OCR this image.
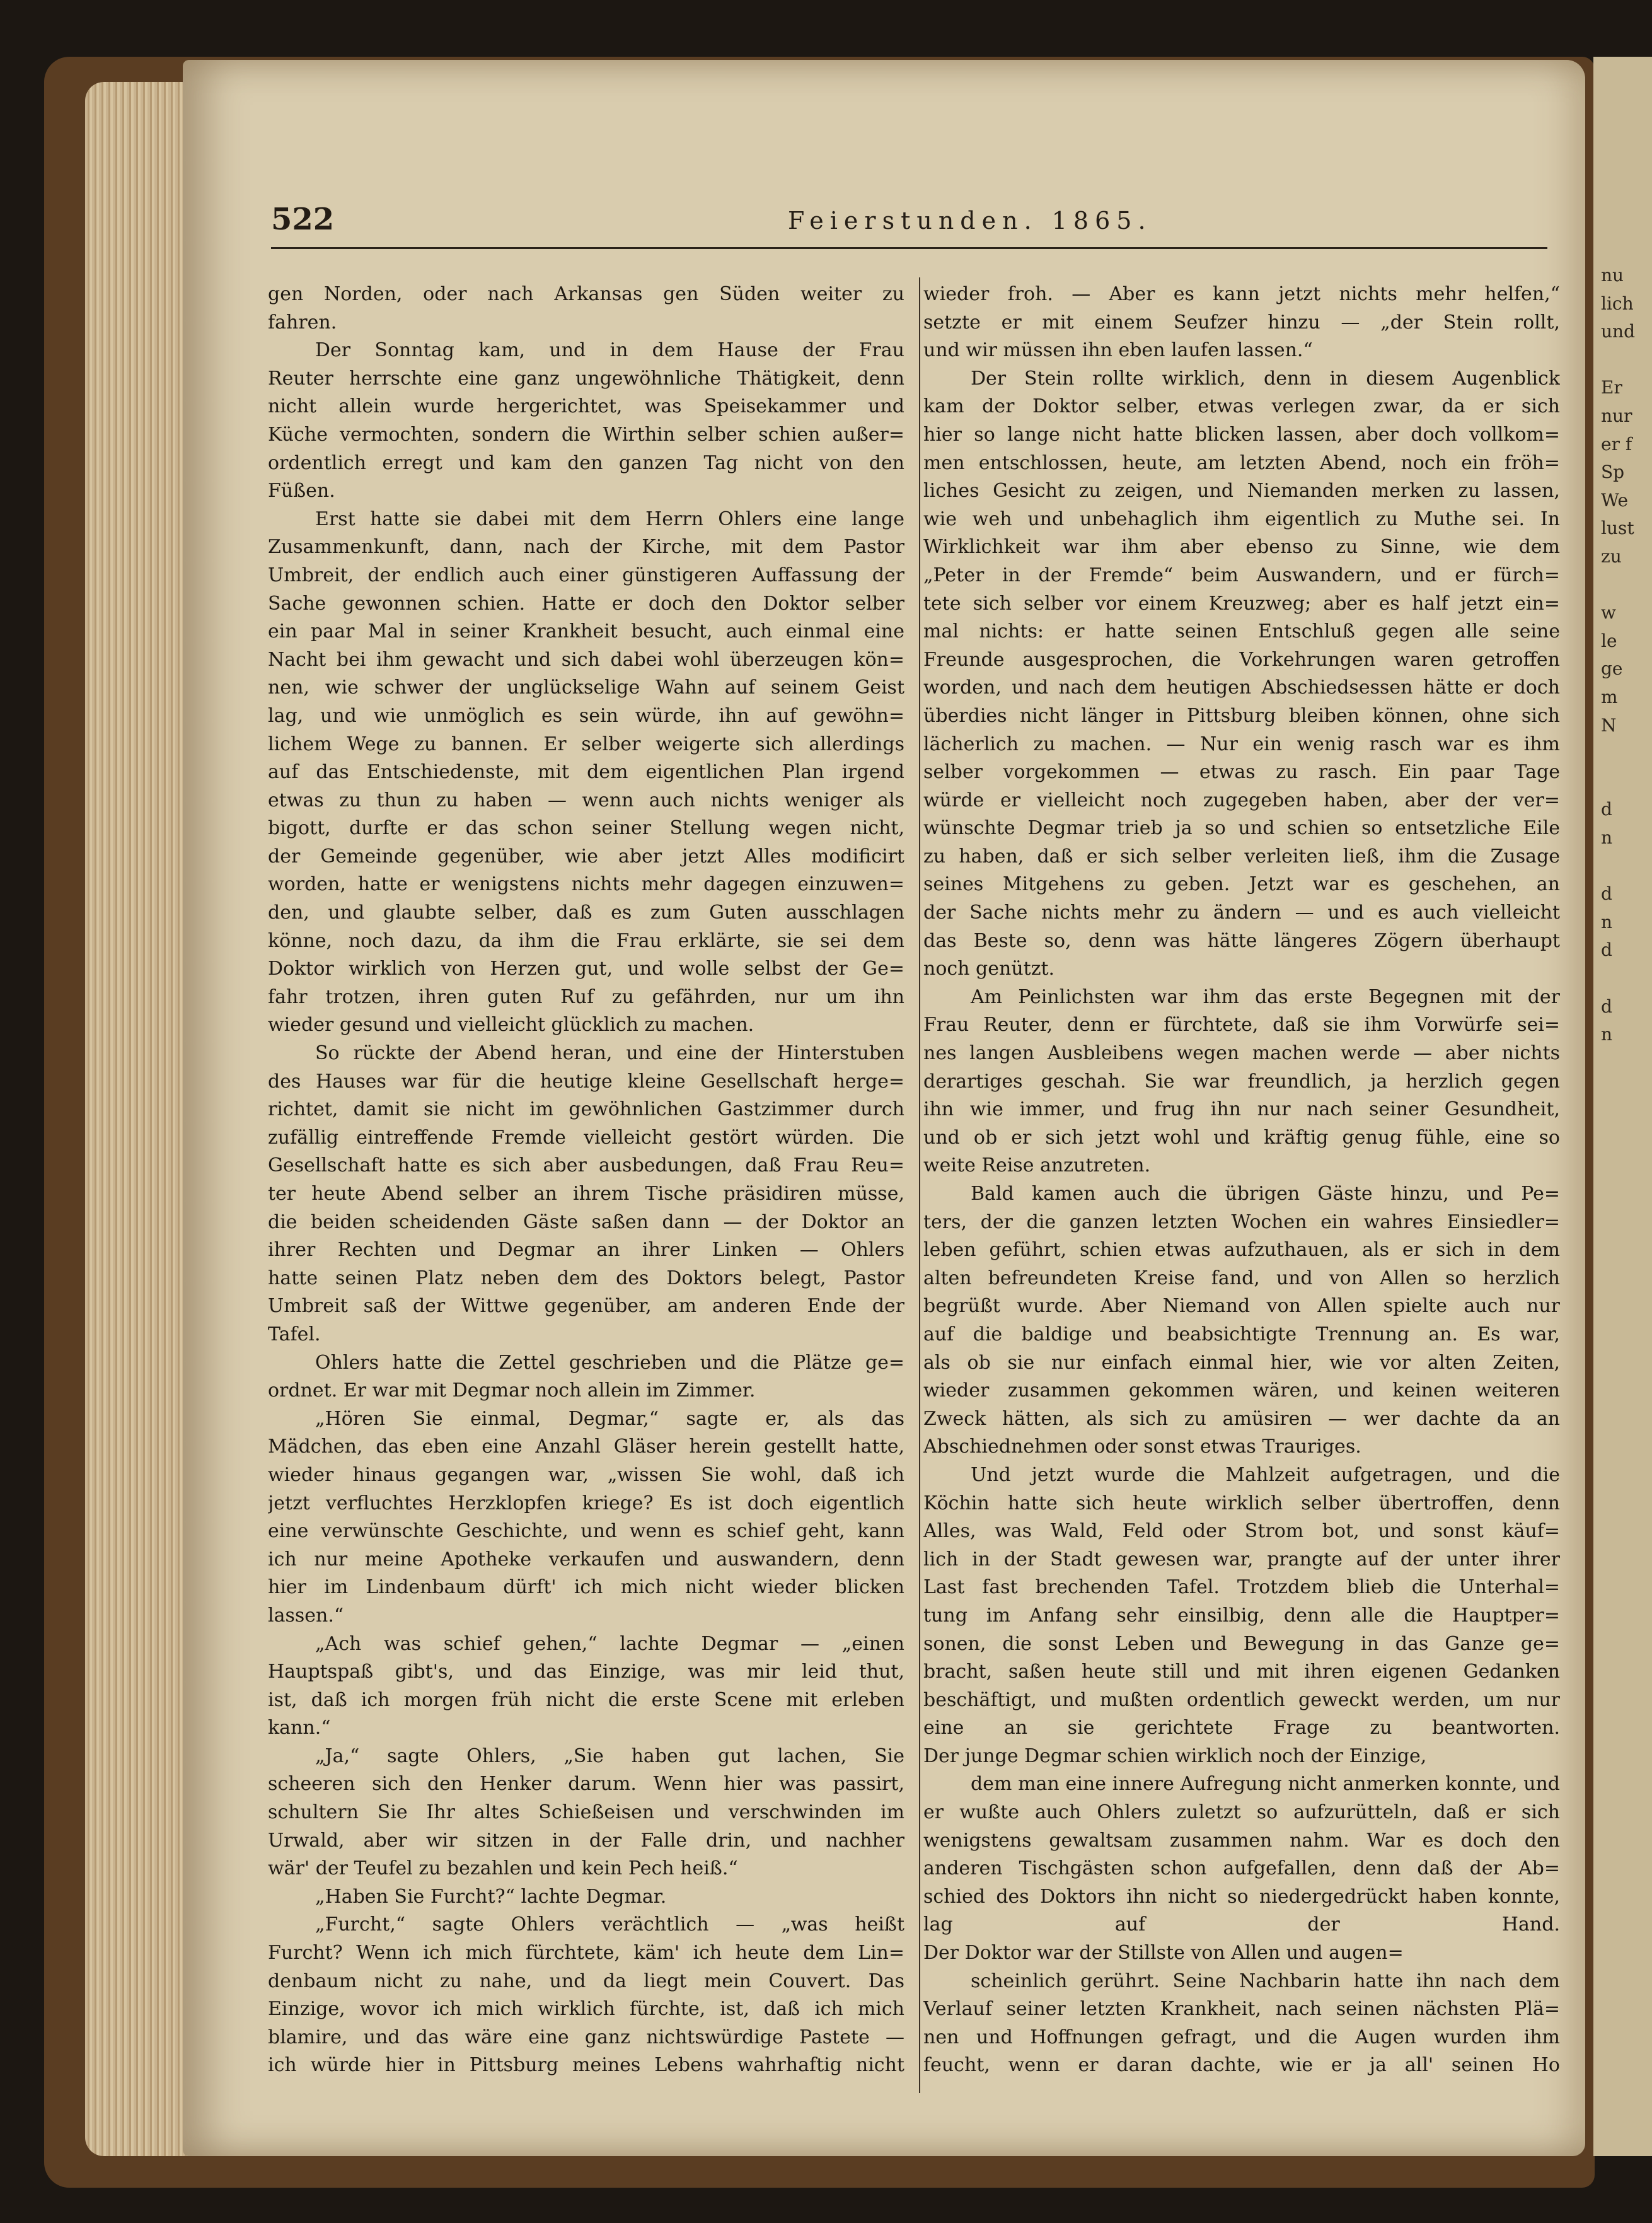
522	Feierstunden. 1865.
gen Norden, oder nach Arkansas gen Süden weiter zu
fahren.
Der Sonntag kam, und in dem Hause der Frau
Reuter herrschte eine ganz ungewöhnliche Thätigkeit, denn
nicht allein wurde hergerichtet, was Speisekammer und
Küche vermochten, sondern die Wirthin selber schien außer=
ordentlich erregt und kam den ganzen Tag nicht von den
Füßen.
Erst hatte sie dabei mit dem Herrn Ohlers eine lange
Zusammenkunft, dann, nach der Kirche, mit dem Pastor
Umbreit, der endlich auch einer günstigeren Auffassung der
Sache gewonnen schien. Hatte er doch den Doktor selber
ein paar Mal in seiner Krankheit besucht, auch einmal eine
Nacht bei ihm gewacht und sich dabei wohl überzeugen kön=
nen, wie schwer der unglückselige Wahn auf seinem Geist
lag, und wie unmöglich es sein würde, ihn auf gewöhn=
lichem Wege zu bannen. Er selber weigerte sich allerdings
auf das Entschiedenste, mit dem eigentlichen Plan irgend
etwas zu thun zu haben — wenn auch nichts weniger als
bigott, durfte er das schon seiner Stellung wegen nicht,
der Gemeinde gegenüber, wie aber jetzt Alles modificirt
worden, hatte er wenigstens nichts mehr dagegen einzuwen=
den, und glaubte selber, daß es zum Guten ausschlagen
könne, noch dazu, da ihm die Frau erklärte, sie sei dem
Doktor wirklich von Herzen gut, und wolle selbst der Ge=
fahr trotzen, ihren guten Ruf zu gefährden, nur um ihn
wieder gesund und vielleicht glücklich zu machen.
So rückte der Abend heran, und eine der Hinterstuben
des Hauses war für die heutige kleine Gesellschaft herge=
richtet, damit sie nicht im gewöhnlichen Gastzimmer durch
zufällig eintreffende Fremde vielleicht gestört würden. Die
Gesellschaft hatte es sich aber ausbedungen, daß Frau Reu=
ter heute Abend selber an ihrem Tische präsidiren müsse,
die beiden scheidenden Gäste saßen dann — der Doktor an
ihrer Rechten und Degmar an ihrer Linken — Ohlers
hatte seinen Platz neben dem des Doktors belegt, Pastor
Umbreit saß der Wittwe gegenüber, am anderen Ende der
Tafel.
Ohlers hatte die Zettel geschrieben und die Plätze ge=
ordnet. Er war mit Degmar noch allein im Zimmer.
„Hören Sie einmal, Degmar,“ sagte er, als das
Mädchen, das eben eine Anzahl Gläser herein gestellt hatte,
wieder hinaus gegangen war, „wissen Sie wohl, daß ich
jetzt verfluchtes Herzklopfen kriege? Es ist doch eigentlich
eine verwünschte Geschichte, und wenn es schief geht, kann
ich nur meine Apotheke verkaufen und auswandern, denn
hier im Lindenbaum dürft' ich mich nicht wieder blicken
lassen.“
„Ach was schief gehen,“ lachte Degmar — „einen
Hauptspaß gibt's, und das Einzige, was mir leid thut,
ist, daß ich morgen früh nicht die erste Scene mit erleben
kann.“
„Ja,“ sagte Ohlers, „Sie haben gut lachen, Sie
scheeren sich den Henker darum. Wenn hier was passirt,
schultern Sie Ihr altes Schießeisen und verschwinden im
Urwald, aber wir sitzen in der Falle drin, und nachher
wär' der Teufel zu bezahlen und kein Pech heiß.“
„Haben Sie Furcht?“ lachte Degmar.
„Furcht,“ sagte Ohlers verächtlich — „was heißt
Furcht? Wenn ich mich fürchtete, käm' ich heute dem Lin=
denbaum nicht zu nahe, und da liegt mein Couvert. Das
Einzige, wovor ich mich wirklich fürchte, ist, daß ich mich
blamire, und das wäre eine ganz nichtswürdige Pastete —
ich würde hier in Pittsburg meines Lebens wahrhaftig nicht
wieder froh. — Aber es kann jetzt nichts mehr helfen,“
setzte er mit einem Seufzer hinzu — „der Stein rollt,
und wir müssen ihn eben laufen lassen.“
Der Stein rollte wirklich, denn in diesem Augenblick
kam der Doktor selber, etwas verlegen zwar, da er sich
hier so lange nicht hatte blicken lassen, aber doch vollkom=
men entschlossen, heute, am letzten Abend, noch ein fröh=
liches Gesicht zu zeigen, und Niemanden merken zu lassen,
wie weh und unbehaglich ihm eigentlich zu Muthe sei. In
Wirklichkeit war ihm aber ebenso zu Sinne, wie dem
„Peter in der Fremde“ beim Auswandern, und er fürch=
tete sich selber vor einem Kreuzweg; aber es half jetzt ein=
mal nichts: er hatte seinen Entschluß gegen alle seine
Freunde ausgesprochen, die Vorkehrungen waren getroffen
worden, und nach dem heutigen Abschiedsessen hätte er doch
überdies nicht länger in Pittsburg bleiben können, ohne sich
lächerlich zu machen. — Nur ein wenig rasch war es ihm
selber vorgekommen — etwas zu rasch. Ein paar Tage
würde er vielleicht noch zugegeben haben, aber der ver=
wünschte Degmar trieb ja so und schien so entsetzliche Eile
zu haben, daß er sich selber verleiten ließ, ihm die Zusage
seines Mitgehens zu geben. Jetzt war es geschehen, an
der Sache nichts mehr zu ändern — und es auch vielleicht
das Beste so, denn was hätte längeres Zögern überhaupt
noch genützt.
Am Peinlichsten war ihm das erste Begegnen mit der
Frau Reuter, denn er fürchtete, daß sie ihm Vorwürfe sei=
nes langen Ausbleibens wegen machen werde — aber nichts
derartiges geschah. Sie war freundlich, ja herzlich gegen
ihn wie immer, und frug ihn nur nach seiner Gesundheit,
und ob er sich jetzt wohl und kräftig genug fühle, eine so
weite Reise anzutreten.
Bald kamen auch die übrigen Gäste hinzu, und Pe=
ters, der die ganzen letzten Wochen ein wahres Einsiedler=
leben geführt, schien etwas aufzuthauen, als er sich in dem
alten befreundeten Kreise fand, und von Allen so herzlich
begrüßt wurde. Aber Niemand von Allen spielte auch nur
auf die baldige und beabsichtigte Trennung an. Es war,
als ob sie nur einfach einmal hier, wie vor alten Zeiten,
wieder zusammen gekommen wären, und keinen weiteren
Zweck hätten, als sich zu amüsiren — wer dachte da an
Abschiednehmen oder sonst etwas Trauriges.
Und jetzt wurde die Mahlzeit aufgetragen, und die
Köchin hatte sich heute wirklich selber übertroffen, denn
Alles, was Wald, Feld oder Strom bot, und sonst käuf=
lich in der Stadt gewesen war, prangte auf der unter ihrer
Last fast brechenden Tafel. Trotzdem blieb die Unterhal=
tung im Anfang sehr einsilbig, denn alle die Hauptper=
sonen, die sonst Leben und Bewegung in das Ganze ge=
bracht, saßen heute still und mit ihren eigenen Gedanken
beschäftigt, und mußten ordentlich geweckt werden, um nur
eine an sie gerichtete Frage zu beantworten.
Der junge Degmar schien wirklich noch der Einzige,
dem man eine innere Aufregung nicht anmerken konnte, und
er wußte auch Ohlers zuletzt so aufzurütteln, daß er sich
wenigstens gewaltsam zusammen nahm. War es doch den
anderen Tischgästen schon aufgefallen, denn daß der Ab=
schied des Doktors ihn nicht so niedergedrückt haben konnte,
lag auf der Hand.
Der Doktor war der Stillste von Allen und augen=
scheinlich gerührt. Seine Nachbarin hatte ihn nach dem
Verlauf seiner letzten Krankheit, nach seinen nächsten Plä=
nen und Hoffnungen gefragt, und die Augen wurden ihm
feucht, wenn er daran dachte, wie er ja all' seinen Ho
nu
lich
und
Er
nur
er f
Sp
We
lust
zu
w
le
ge
m
N
d
n
d
n
d
d
n
